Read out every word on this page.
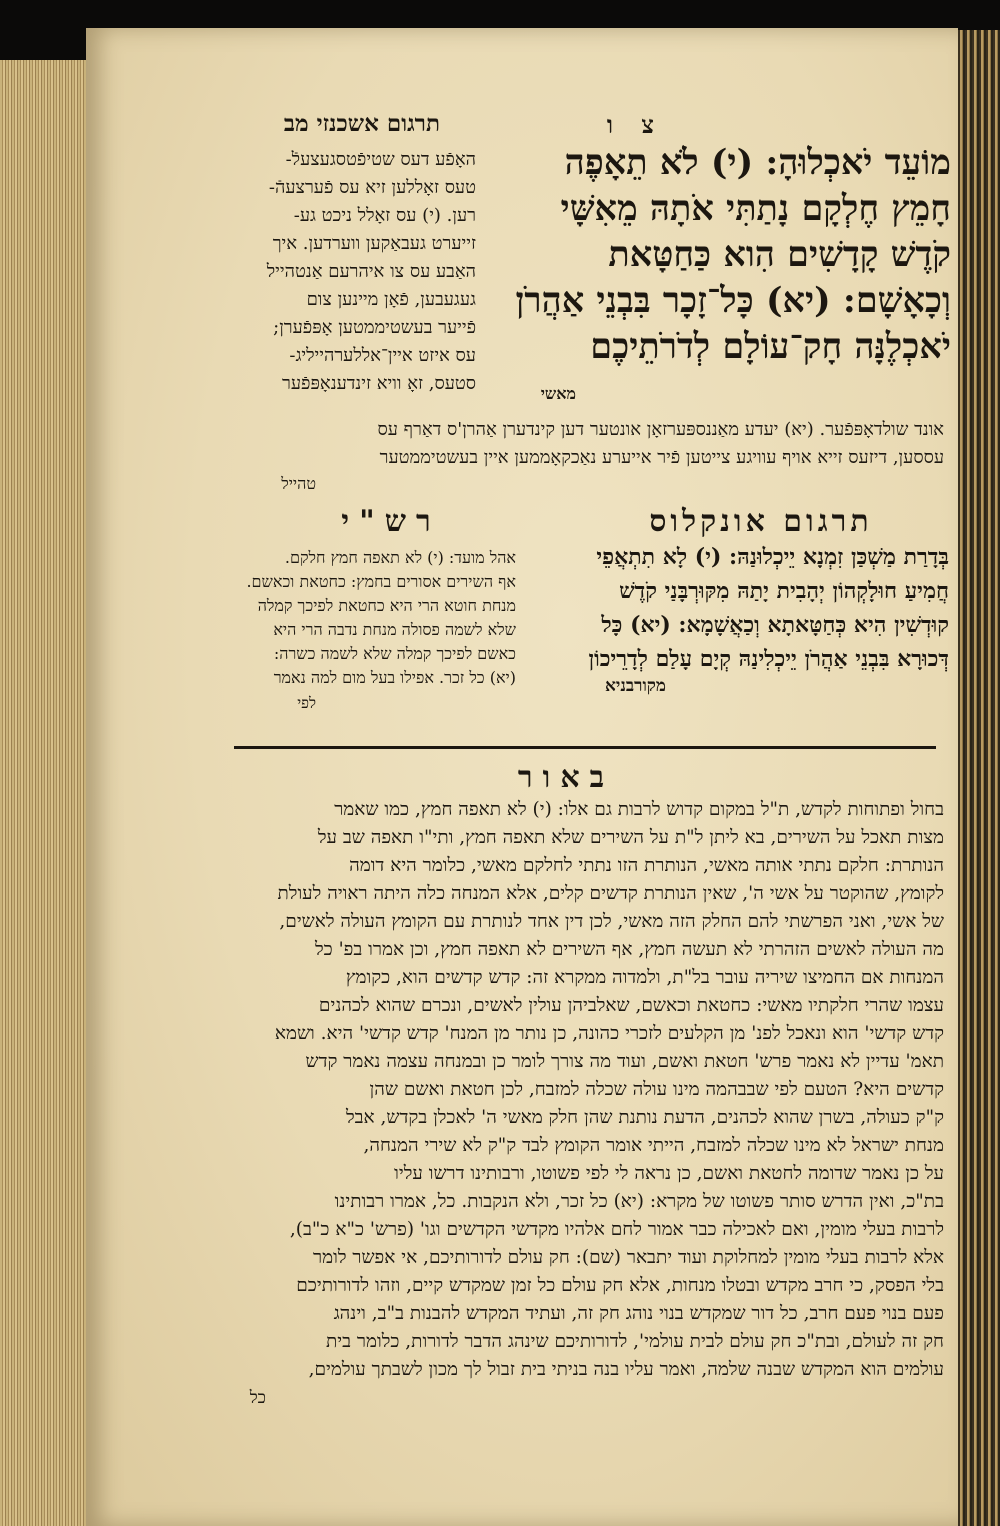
צ ו
תרגום אשכנזי מב
מוֹעֵד יֹאכְלוּהָ: (י) לֹא תֵאָפֶה
חָמֵץ חֶלְקָם נָתַתִּי אֹתָהּ מֵאִשָּׁי
קֹדֶשׁ קָדָשִׁים הִוא כַּחַטָּאת
וְכָאָשָׁם: (יא) כָּל־זָכָר בִּבְנֵי אַהֲרֹן
יֹאכְלֶנָּה חָק־עוֹלָם לְדֹרֹתֵיכֶם
מאשי
האָפֿע דעס שטיפֿטסגעצעלֿ-
טעס זאָללען זיא עס פֿערצעהֿ-
רען. (י) עס זאָלל ניכט גע-
זייערט געבאַקען ווערדען. איך
האַבע עס צו איהרעם אַנטהייל
געגעבען, פֿאָן מיינען צום
פֿייער בעשטיממטען אָפּפֿערן;
עס איזט איין־אללערהייליג-
סטעס, זאָ וויא זינדענאָפּפֿער
אונד שולדאָפּפֿער. (יא) יעדע מאַננספּערזאָן אונטער דען קינדערן אַהרן'ס דאַרף עס
עססען, דיזעס זייא אויף עוויגע צייטען פֿיר אייערע נאַכקאָממען איין בעשטיממטער
טהייל
תרגום אונקלוס
רש"י
בְּדָרַת מַשְׁכַּן זִמְנָא יֵיכְלוּנַהּ: (י) לָא תִתְאֲפֵי
חֲמִיעַ חוּלָקְהוֹן יְהָבִית יָתַהּ מִקּוּרְבָּנַי קֹדֶשׁ
קוּדְשִׁין הִיא כְּחַטָּאתָא וְכַאֲשָׁמָא: (יא) כָּל
דְּכוּרָא בִּבְנֵי אַהֲרֹן יֵיכְלִינַהּ קְיָם עָלַם לְדָרֵיכוֹן
מקורבניא
אהל מועד: (י) לא תאפה חמץ חלקם.
אף השירים אסורים בחמץ: כחטאת וכאשם.
מנחת חוטא הרי היא כחטאת לפיכך קמלה
שלא לשמה פסולה מנחת נדבה הרי היא
כאשם לפיכך קמלה שלא לשמה כשרה:
(יא) כל זכר. אפילו בעל מום למה נאמר
לפי
באור
בחול ופתוחות לקדש, ת"ל במקום קדוש לרבות גם אלו: (י) לא תאפה חמץ, כמו שאמר
מצות תאכל על השירים, בא ליתן ל"ת על השירים שלא תאפה חמץ, ותי"ו תאפה שב על
הנותרת: חלקם נתתי אותה מאשי, הנותרת הזו נתתי לחלקם מאשי, כלומר היא דומה
לקומץ, שהוקטר על אשי ה', שאין הנותרת קדשים קלים, אלא המנחה כלה היתה ראויה לעולת
של אשי, ואני הפרשתי להם החלק הזה מאשי, לכן דין אחד לנותרת עם הקומץ העולה לאשים,
מה העולה לאשים הזהרתי לא תעשה חמץ, אף השירים לא תאפה חמץ, וכן אמרו בפ' כל
המנחות אם החמיצו שיריה עובר בל"ת, ולמדוה ממקרא זה: קדש קדשים הוא, כקומץ
עצמו שהרי חלקתיו מאשי: כחטאת וכאשם, שאלביהן עולין לאשים, ונכרם שהוא לכהנים
קדש קדשי' הוא ונאכל לפנ' מן הקלעים לזכרי כהונה, כן נותר מן המנח' קדש קדשי' היא. ושמא
תאמ' עדיין לא נאמר פרש' חטאת ואשם, ועוד מה צורך לומר כן ובמנחה עצמה נאמר קדש
קדשים היא? הטעם לפי שבבהמה מינו עולה שכלה למזבח, לכן חטאת ואשם שהן
ק"ק כעולה, בשרן שהוא לכהנים, הדעת נותנת שהן חלק מאשי ה' לאכלן בקדש, אבל
מנחת ישראל לא מינו שכלה למזבח, הייתי אומר הקומץ לבד ק"ק לא שירי המנחה,
על כן נאמר שדומה לחטאת ואשם, כן נראה לי לפי פשוטו, ורבותינו דרשו עליו
בת"כ, ואין הדרש סותר פשוטו של מקרא: (יא) כל זכר, ולא הנקבות. כל, אמרו רבותינו
לרבות בעלי מומין, ואם לאכילה כבר אמור לחם אלהיו מקדשי הקדשים וגו' (פרש' כ"א כ"ב),
אלא לרבות בעלי מומין למחלוקת ועוד יתבאר (שם): חק עולם לדורותיכם, אי אפשר לומר
בלי הפסק, כי חרב מקדש ובטלו מנחות, אלא חק עולם כל זמן שמקדש קיים, וזהו לדורותיכם
פעם בנוי פעם חרב, כל דור שמקדש בנוי נוהג חק זה, ועתיד המקדש להבנות ב"ב, וינהג
חק זה לעולם, ובת"כ חק עולם לבית עולמי', לדורותיכם שינהג הדבר לדורות, כלומר בית
עולמים הוא המקדש שבנה שלמה, ואמר עליו בנה בניתי בית זבול לך מכון לשבתך עולמים,
כל
